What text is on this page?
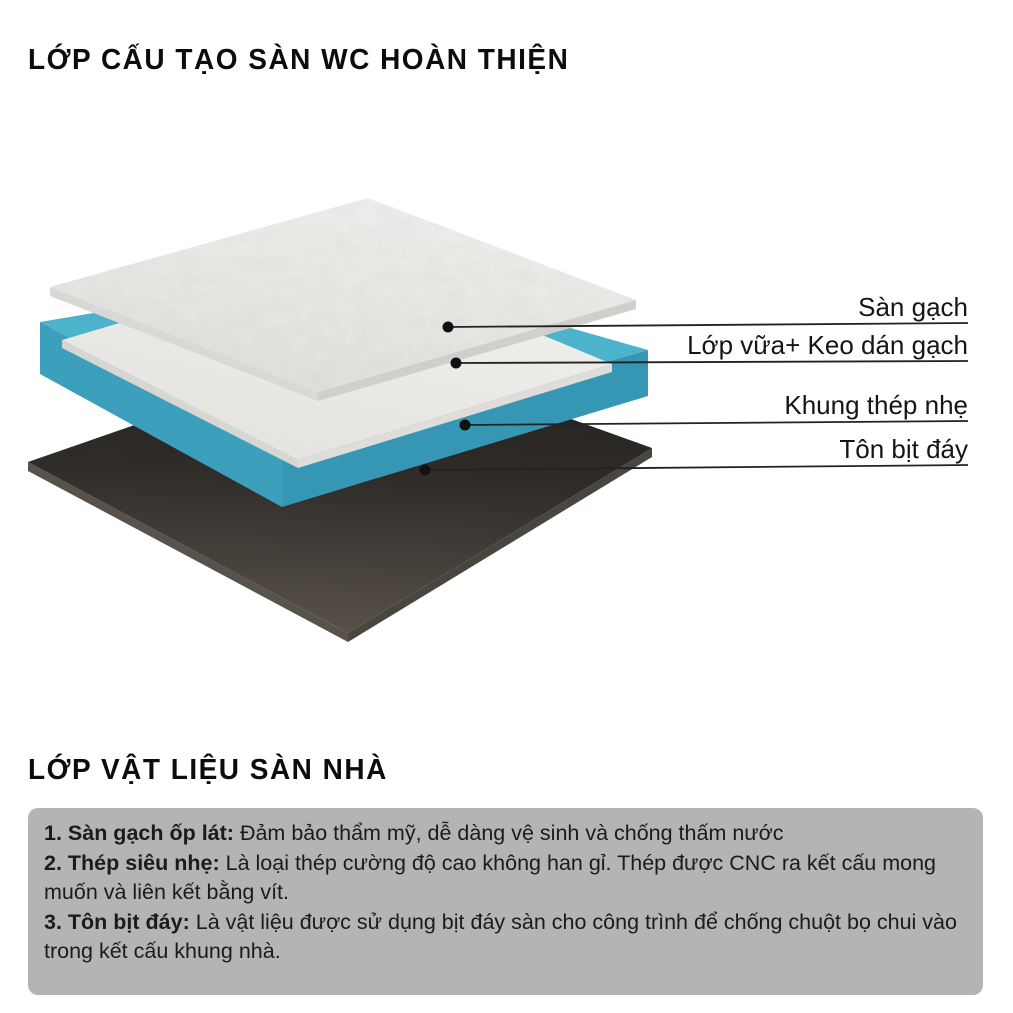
LỚP CẤU TẠO SÀN WC HOÀN THIỆN
Sàn gạch
Lớp vữa+ Keo dán gạch
Khung thép nhẹ
Tôn bịt đáy
LỚP VẬT LIỆU SÀN NHÀ

1. Sàn gạch ốp lát: Đảm bảo thẩm mỹ, dễ dàng vệ sinh và chống thấm nước

2. Thép siêu nhẹ: Là loại thép cường độ cao không han gỉ. Thép được CNC ra kết cấu mong muốn và liên kết bằng vít.

3. Tôn bịt đáy: Là vật liệu được sử dụng bịt đáy sàn cho công trình để chống chuột bọ chui vào trong kết cấu khung nhà.
